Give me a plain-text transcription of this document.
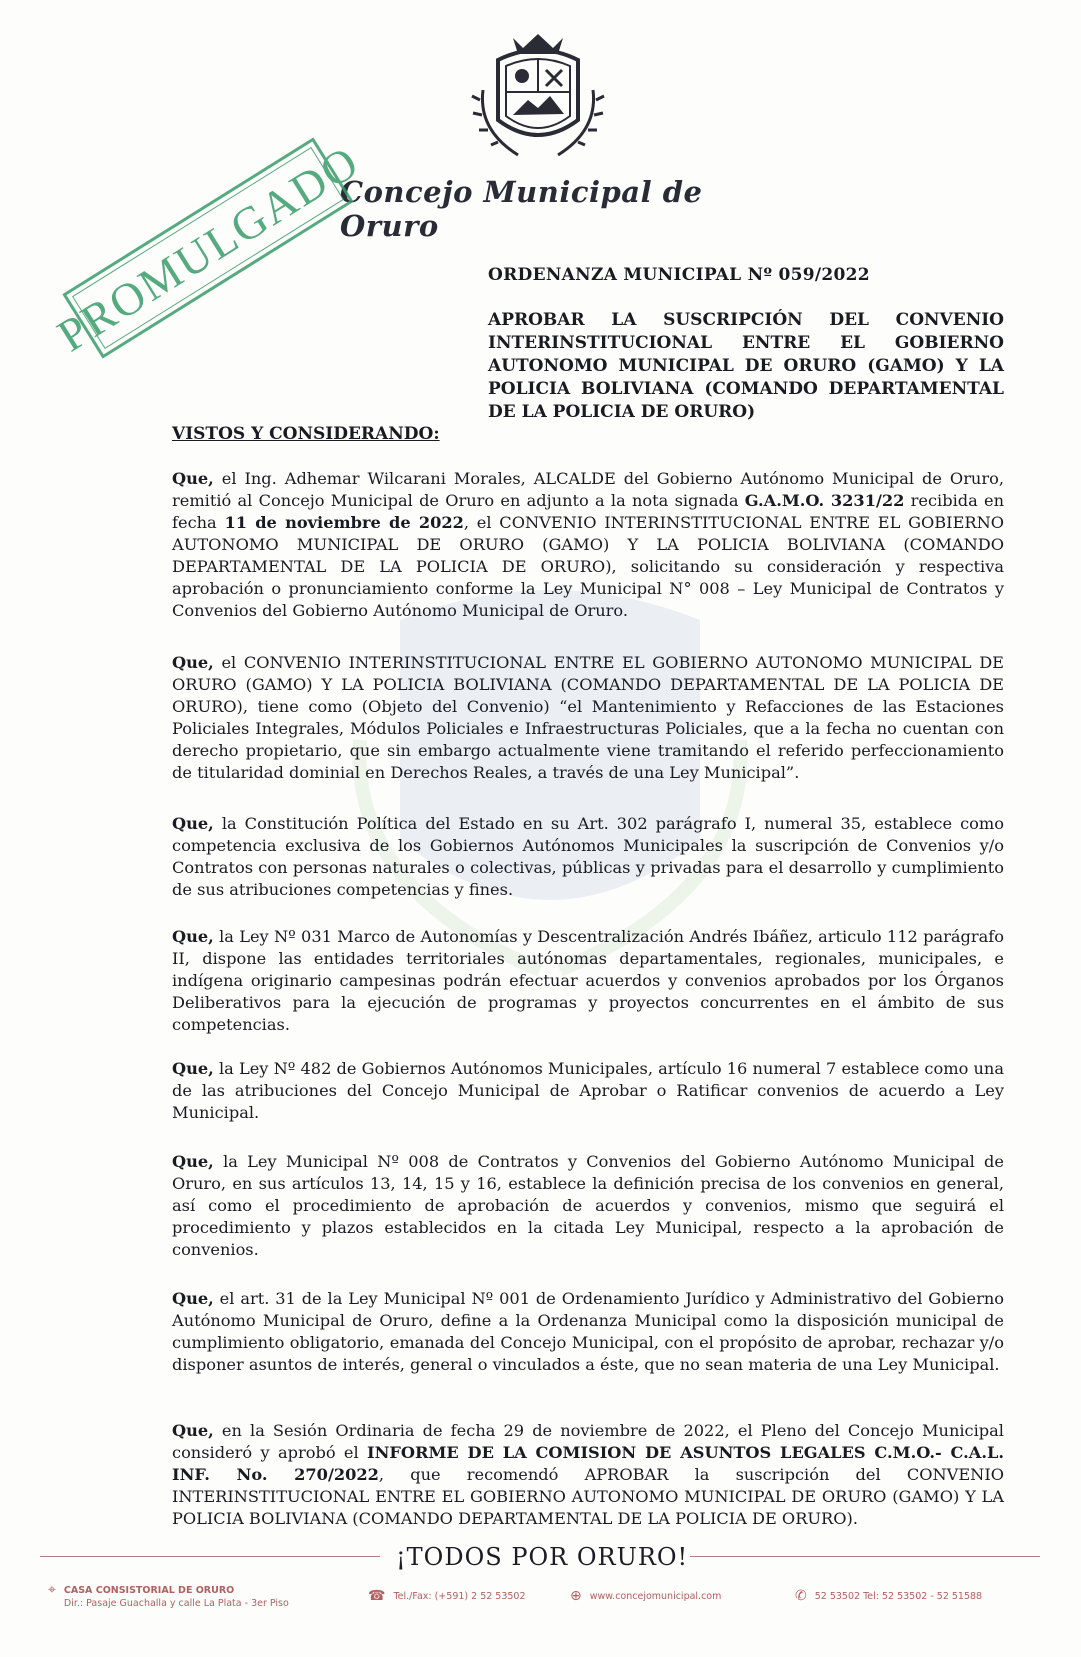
Concejo Municipal de Oruro
PROMULGADO	ORDENANZA MUNICIPAL Nº 059/2022
APROBAR LA SUSCRIPCIÓN DEL CONVENIO INTERINSTITUCIONAL ENTRE EL GOBIERNO AUTONOMO MUNICIPAL DE ORURO (GAMO) Y LA POLICIA BOLIVIANA (COMANDO DEPARTAMENTAL DE LA POLICIA DE ORURO)
VISTOS Y CONSIDERANDO:
Que, el Ing. Adhemar Wilcarani Morales, ALCALDE del Gobierno Autónomo Municipal de Oruro, remitió al Concejo Municipal de Oruro en adjunto a la nota signada G.A.M.O. 3231/22 recibida en fecha 11 de noviembre de 2022, el CONVENIO INTERINSTITUCIONAL ENTRE EL GOBIERNO AUTONOMO MUNICIPAL DE ORURO (GAMO) Y LA POLICIA BOLIVIANA (COMANDO DEPARTAMENTAL DE LA POLICIA DE ORURO), solicitando su consideración y respectiva aprobación o pronunciamiento conforme la Ley Municipal N° 008 – Ley Municipal de Contratos y Convenios del Gobierno Autónomo Municipal de Oruro.
Que, el CONVENIO INTERINSTITUCIONAL ENTRE EL GOBIERNO AUTONOMO MUNICIPAL DE ORURO (GAMO) Y LA POLICIA BOLIVIANA (COMANDO DEPARTAMENTAL DE LA POLICIA DE ORURO), tiene como (Objeto del Convenio) “el Mantenimiento y Refacciones de las Estaciones Policiales Integrales, Módulos Policiales e Infraestructuras Policiales, que a la fecha no cuentan con derecho propietario, que sin embargo actualmente viene tramitando el referido perfeccionamiento de titularidad dominial en Derechos Reales, a través de una Ley Municipal”.
Que, la Constitución Política del Estado en su Art. 302 parágrafo I, numeral 35, establece como competencia exclusiva de los Gobiernos Autónomos Municipales la suscripción de Convenios y/o Contratos con personas naturales o colectivas, públicas y privadas para el desarrollo y cumplimiento de sus atribuciones competencias y fines.
Que, la Ley Nº 031 Marco de Autonomías y Descentralización Andrés Ibáñez, articulo 112 parágrafo II, dispone las entidades territoriales autónomas departamentales, regionales, municipales, e indígena originario campesinas podrán efectuar acuerdos y convenios aprobados por los Órganos Deliberativos para la ejecución de programas y proyectos concurrentes en el ámbito de sus competencias.
Que, la Ley Nº 482 de Gobiernos Autónomos Municipales, artículo 16 numeral 7 establece como una de las atribuciones del Concejo Municipal de Aprobar o Ratificar convenios de acuerdo a Ley Municipal.
Que, la Ley Municipal Nº 008 de Contratos y Convenios del Gobierno Autónomo Municipal de Oruro, en sus artículos 13, 14, 15 y 16, establece la definición precisa de los convenios en general, así como el procedimiento de aprobación de acuerdos y convenios, mismo que seguirá el procedimiento y plazos establecidos en la citada Ley Municipal, respecto a la aprobación de convenios.
Que, el art. 31 de la Ley Municipal Nº 001 de Ordenamiento Jurídico y Administrativo del Gobierno Autónomo Municipal de Oruro, define a la Ordenanza Municipal como la disposición municipal de cumplimiento obligatorio, emanada del Concejo Municipal, con el propósito de aprobar, rechazar y/o disponer asuntos de interés, general o vinculados a éste, que no sean materia de una Ley Municipal.
Que, en la Sesión Ordinaria de fecha 29 de noviembre de 2022, el Pleno del Concejo Municipal consideró y aprobó el INFORME DE LA COMISION DE ASUNTOS LEGALES C.M.O.- C.A.L. INF. No. 270/2022, que recomendó APROBAR la suscripción del CONVENIO INTERINSTITUCIONAL ENTRE EL GOBIERNO AUTONOMO MUNICIPAL DE ORURO (GAMO) Y LA POLICIA BOLIVIANA (COMANDO DEPARTAMENTAL DE LA POLICIA DE ORURO).
¡TODOS POR ORURO!
⌖ CASA CONSISTORIAL DE ORURO
Dir.: Pasaje Guachalla y calle La Plata - 3er Piso	☎ Tel./Fax: (+591) 2 52 53502	⊕ www.concejomunicipal.com	✆ 52 53502 Tel: 52 53502 - 52 51588
